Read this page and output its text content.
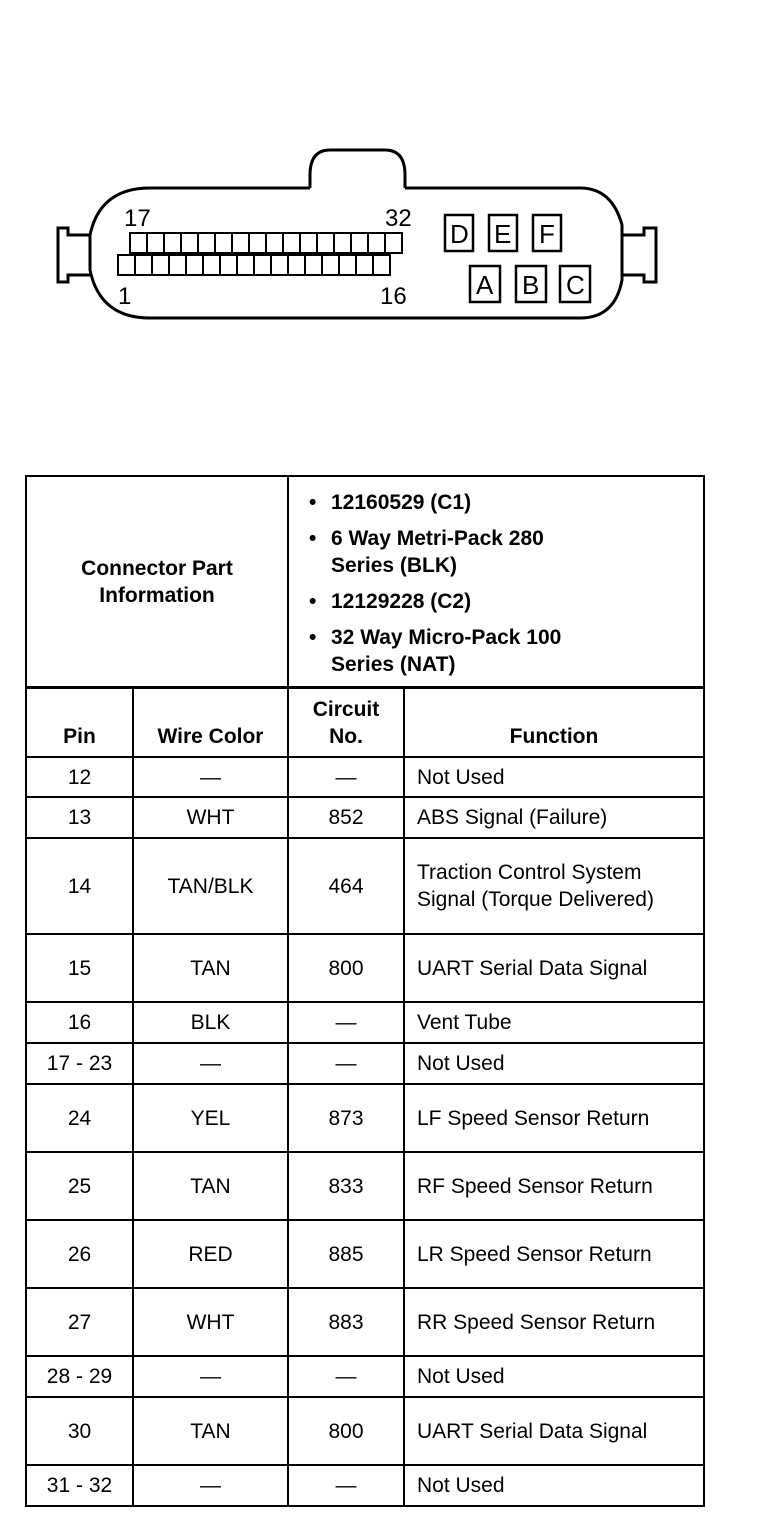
17	32
1	16
D E F
A B C
Connector Part Information

• 12160529 (C1)
• 6 Way Metri-Pack 280 Series (BLK)
• 12129228 (C2)
• 32 Way Micro-Pack 100 Series (NAT)
Pin	Wire Color	Circuit No.	Function
12	—	—	Not Used
13	WHT	852	ABS Signal (Failure)
14	TAN/BLK	464	Traction Control System Signal (Torque Delivered)
15	TAN	800	UART Serial Data Signal
16	BLK	—	Vent Tube
17 - 23	—	—	Not Used
24	YEL	873	LF Speed Sensor Return
25	TAN	833	RF Speed Sensor Return
26	RED	885	LR Speed Sensor Return
27	WHT	883	RR Speed Sensor Return
28 - 29	—	—	Not Used
30	TAN	800	UART Serial Data Signal
31 - 32	—	—	Not Used
